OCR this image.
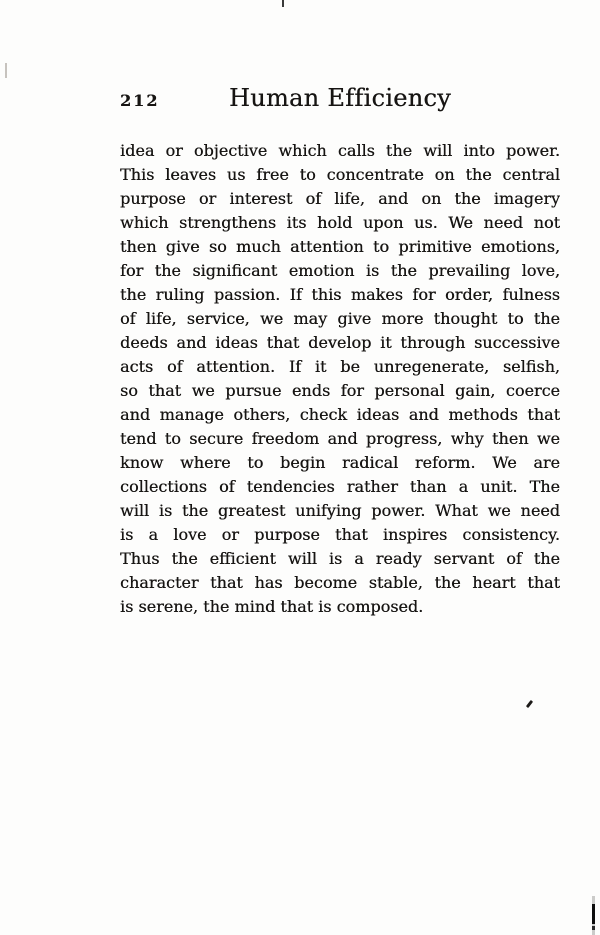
212	Human Efficiency
idea or objective which calls the will into power.
This leaves us free to concentrate on the central
purpose or interest of life, and on the imagery
which strengthens its hold upon us. We need not
then give so much attention to primitive emotions,
for the significant emotion is the prevailing love,
the ruling passion. If this makes for order, fulness
of life, service, we may give more thought to the
deeds and ideas that develop it through successive
acts of attention. If it be unregenerate, selfish,
so that we pursue ends for personal gain, coerce
and manage others, check ideas and methods that
tend to secure freedom and progress, why then we
know where to begin radical reform. We are
collections of tendencies rather than a unit. The
will is the greatest unifying power. What we need
is a love or purpose that inspires consistency.
Thus the efficient will is a ready servant of the
character that has become stable, the heart that
is serene, the mind that is composed.
